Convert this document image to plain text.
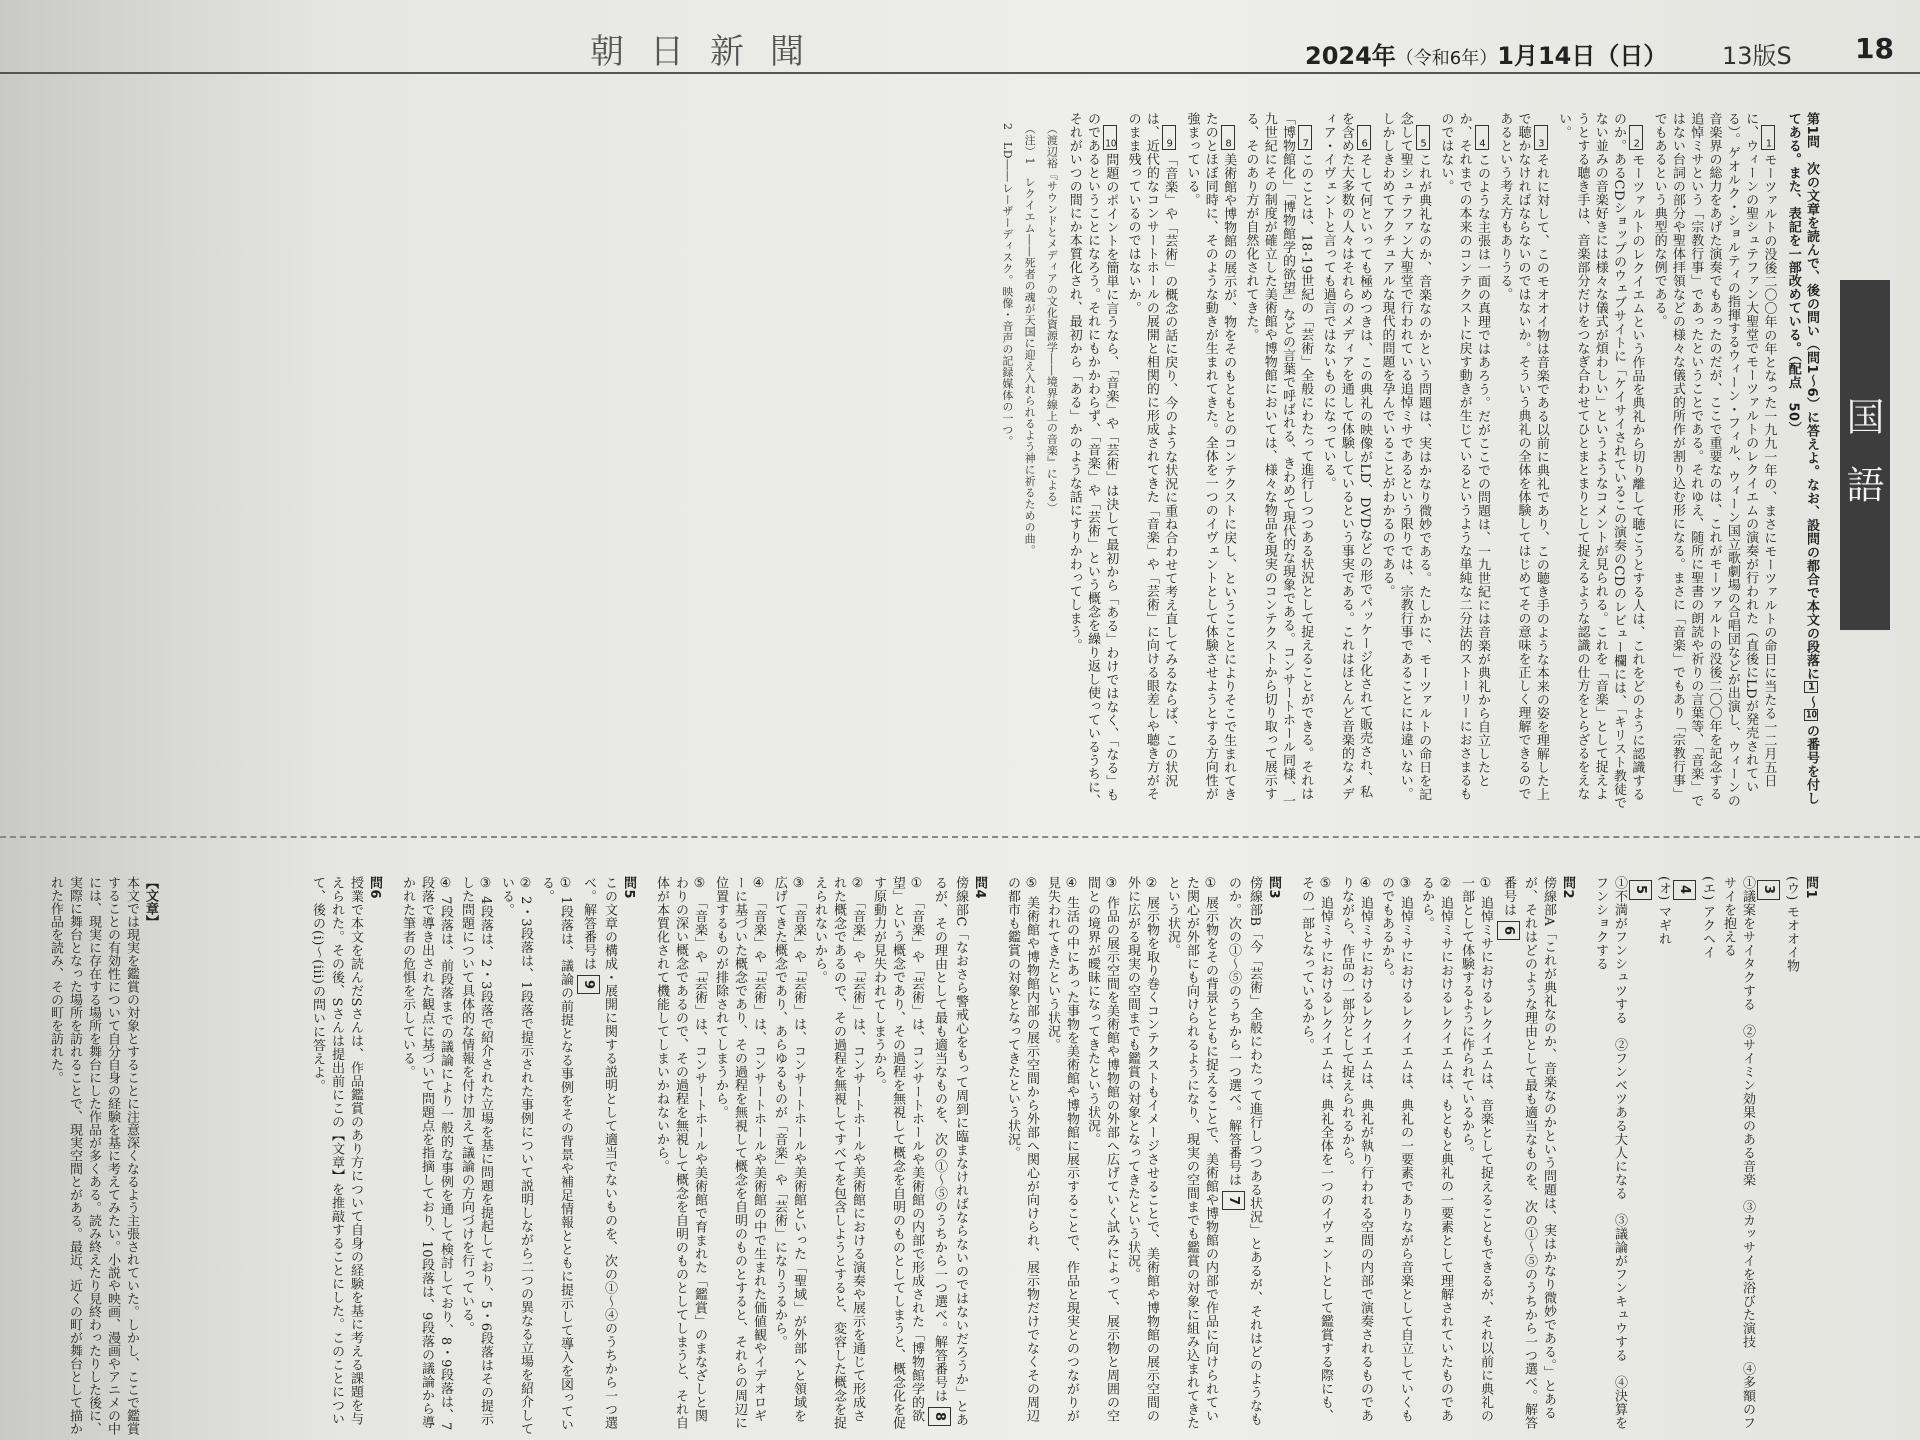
朝日新聞	2024年（令和6年）1月14日（日） 13版S 18
国語

第1問　次の文章を読んで、後の問い（問1〜6）に答えよ。なお、設問の都合で本文の段落に1〜10の番号を付してある。また、表記を一部改めている。（配点　50）

1モーツァルトの没後二〇〇年の年となった一九九一年の、まさにモーツァルトの命日に当たる一二月五日に、ウィーンの聖シュテファン大聖堂でモーツァルトのレクイエムの演奏が行われた（直後にLDが発売されている）。ゲオルク・ショルティの指揮するウィーン・フィル、ウィーン国立歌劇場の合唱団などが出演し、ウィーンの音楽界の総力をあげた演奏でもあったのだが、ここで重要なのは、これがモーツァルトの没後二〇〇年を記念する追悼ミサという「宗教行事」であったということである。それゆえ、随所に聖書の朗読や祈りの言葉等、「音楽」ではない台詞の部分や聖体拝領などの様々な儀式的所作が割り込む形になる。まさに「音楽」でもあり「宗教行事」でもあるという典型的な例である。

2モーツァルトのレクイエムという作品を典礼から切り離して聴こうとする人は、これをどのように認識するのか。あるCDショップのウェブサイトに「ケイサイされているこの演奏のCDのレビュー欄には、「キリスト教徒でない並みの音楽好きには様々な儀式が煩わしい」というようなコメントが見られる。これを「音楽」として捉えようとする聴き手は、音楽部分だけをつなぎ合わせてひとまとまりとして捉えるような認識の仕方をとらざるをえない。

3それに対して、このモオオイ物は音楽である以前に典礼であり、この聴き手のような本来の姿を理解した上で聴かなければならないのではないか。そういう典礼の全体を体験してはじめてその意味を正しく理解できるのであるという考え方もありうる。

4このような主張は一面の真理ではあろう。だがここでの問題は、一九世紀には音楽が典礼から自立したとか、それまでの本来のコンテクストに戻す動きが生じているというような単純な二分法的ストーリーにおさまるものではない。

5これが典礼なのか、音楽なのかという問題は、実はかなり微妙である。たしかに、モーツァルトの命日を記念して聖シュテファン大聖堂で行われている追悼ミサであるという限りでは、宗教行事であることには違いない。しかしきわめてアクチュアルな現代的問題を孕んでいることがわかるのである。

6そして何といっても極めつきは、この典礼の映像がLD、DVDなどの形でパッケージ化されて販売され、私を含めた大多数の人々はそれらのメディアを通して体験しているという事実である。これはほとんど音楽的なメディア・イヴェントと言っても過言ではないものになっている。

7このことは、18-19世紀の「芸術」全般にわたって進行しつつある状況として捉えることができる。それは「博物館化」「博物館学的欲望」などの言葉で呼ばれる、きわめて現代的な現象である。コンサートホール同様、一九世紀にその制度が確立した美術館や博物館においては、様々な物品を現実のコンテクストから切り取って展示する、そのあり方が自然化されてきた。

8美術館や博物館の展示が、物をそのもともとのコンテクストに戻し、というこことによりそこで生まれてきたのとほぼ同時に、そのような動きが生まれてきた。全体を一つのイヴェントとして体験させようとする方向性が強まっている。

9「音楽」や「芸術」の概念の話に戻り、今のような状況に重ね合わせて考え直してみるならば、この状況は、近代的なコンサートホールの展開と相関的に形成されてきた「音楽」や「芸術」に向ける眼差しや聴き方がそのまま残っているのではないか。

10問題のポイントを簡単に言うなら、「音楽」や「芸術」は決して最初から「ある」わけではなく、「なる」ものであるということになろう。それにもかかわらず、「音楽」や「芸術」という概念を繰り返し使っているうちに、それがいつの間にか本質化され、最初から「ある」かのような話にすりかわってしまう。

（渡辺裕『サウンドとメディアの文化資源学――境界線上の音楽』による）

（注）1　レクイエム――死者の魂が天国に迎え入れられるよう神に祈るための曲。

2　LD――レーザーディスク。映像・音声の記録媒体の一つ。

問1
(ウ) モオオイ物
3
①議案をサイタクする　②サイミン効果のある音楽　③カッサイを浴びた演技　④多額のフサイを抱える
(エ) アクヘイ
4
(オ) マギれ
5
①不満がフンシュツする　②フンベツある大人になる　③議論がフンキュウする　④決算をフンショクする
問2
傍線部A「これが典礼なのか、音楽なのかという問題は、実はかなり微妙である。」とあるが、それはどのような理由として最も適当なものを、次の①〜⑤のうちから一つ選べ。解答番号は6
① 追悼ミサにおけるレクイエムは、音楽として捉えることもできるが、それ以前に典礼の一部として体験するように作られているから。
② 追悼ミサにおけるレクイエムは、もともと典礼の一要素として理解されていたものであるから。
③ 追悼ミサにおけるレクイエムは、典礼の一要素でありながら音楽として自立していくものでもあるから。
④ 追悼ミサにおけるレクイエムは、典礼が執り行われる空間の内部で演奏されるものでありながら、作品の一部分として捉えられるから。
⑤ 追悼ミサにおけるレクイエムは、典礼全体を一つのイヴェントとして鑑賞する際にも、その一部となっているから。
問3
傍線部B「今「芸術」全般にわたって進行しつつある状況」とあるが、それはどのようなものか。次の①〜⑤のうちから一つ選べ。解答番号は7
① 展示物をその背景とともに捉えることで、美術館や博物館の内部で作品に向けられていた関心が外部にも向けられるようになり、現実の空間までも鑑賞の対象に組み込まれてきたという状況。
② 展示物を取り巻くコンテクストもイメージさせることで、美術館や博物館の展示空間の外に広がる現実の空間までも鑑賞の対象となってきたという状況。
③ 作品の展示空間を美術館や博物館の外部へ広げていく試みによって、展示物と周囲の空間との境界が曖昧になってきたという状況。
④ 生活の中にあった事物を美術館や博物館に展示することで、作品と現実とのつながりが見失われてきたという状況。
⑤ 美術館や博物館内部の展示空間から外部へ関心が向けられ、展示物だけでなくその周辺の都市も鑑賞の対象となってきたという状況。
問4
傍線部C「なおさら警戒心をもって周到に臨まなければならないのではないだろうか」とあるが、その理由として最も適当なものを、次の①〜⑤のうちから一つ選べ。解答番号は8
① 「音楽」や「芸術」は、コンサートホールや美術館の内部で形成された「博物館学的欲望」という概念であり、その過程を無視して概念を自明のものとしてしまうと、概念化を促す原動力が見失われてしまうから。
② 「音楽」や「芸術」は、コンサートホールや美術館における演奏や展示を通じて形成された概念であるので、その過程を無視してすべてを包含しようとすると、変容した概念を捉えられないから。
③ 「音楽」や「芸術」は、コンサートホールや美術館といった「聖域」が外部へと領域を広げてきた概念であり、あらゆるものが「音楽」や「芸術」になりうるから。
④ 「音楽」や「芸術」は、コンサートホールや美術館の中で生まれた価値観やイデオロギーに基づいた概念であり、その過程を無視して概念を自明のものとすると、それらの周辺に位置するものが排除されてしまうから。
⑤ 「音楽」や「芸術」は、コンサートホールや美術館で育まれた「鑑賞」のまなざしと関わりの深い概念であるので、その過程を無視して概念を自明のものとしてしまうと、それ自体が本質化されて機能してしまいかねないから。
問5
この文章の構成・展開に関する説明として適当でないものを、次の①〜④のうちから一つ選べ。解答番号は9
① 1段落は、議論の前提となる事例をその背景や補足情報とともに提示して導入を図っている。
② 2・3段落は、1段落で提示された事例について説明しながら二つの異なる立場を紹介している。
③ 4段落は、2・3段落で紹介された立場を基に問題を提起しており、5・6段落はその提示した問題について具体的な情報を付け加えて議論の方向づけを行っている。
④ 7段落は、前段落までの議論により一般的な事例を通して検討しており、8・9段落は、7段落で導き出された観点に基づいて問題点を指摘しており、10段落は、9段落の議論から導かれた筆者の危惧を示している。
問6
授業で本文を読んだSさんは、作品鑑賞のあり方について自身の経験を基に考える課題を与えられた。その後、Sさんは提出前にこの【文章】を推敲することにした。このことについて、後の(i)〜(iii)の問いに答えよ。
【文章】
本文では現実を鑑賞の対象とすることに注意深くなるよう主張されていた。しかし、ここで鑑賞することの有効性について自分自身の経験を基に考えてみたい。小説や映画、漫画やアニメの中には、現実に存在する場所を舞台にした作品が多くある。読み終えたり見終わったりした後に、実際に舞台となった場所を訪れることで、現実空間とがある。最近、近くの町が舞台として描かれた作品を読み、その町を訪れた。
